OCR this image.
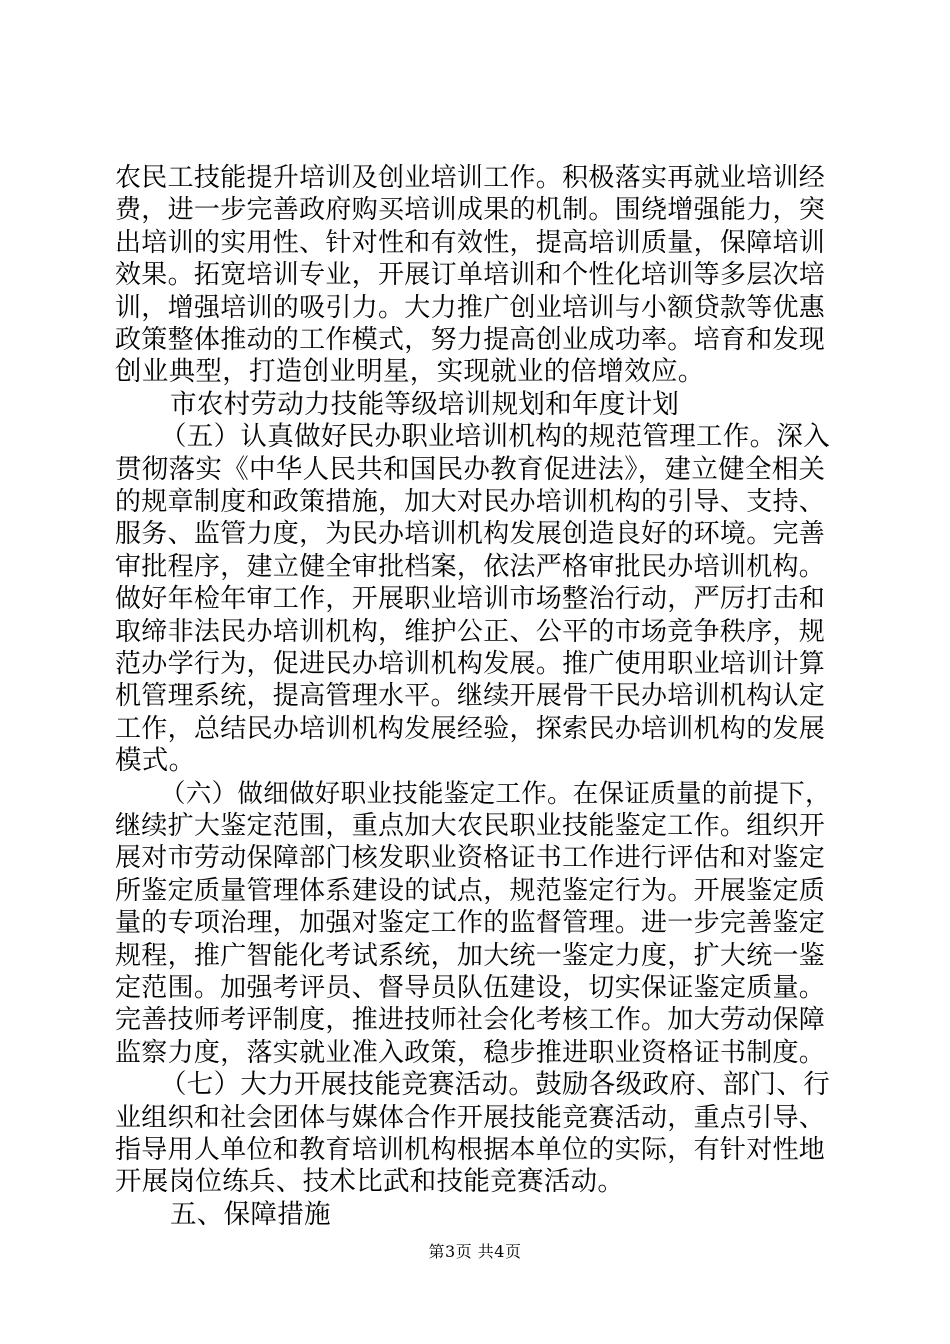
农民工技能提升培训及创业培训工作。积极落实再就业培训经
费，进一步完善政府购买培训成果的机制。围绕增强能力，突
出培训的实用性、针对性和有效性，提高培训质量，保障培训
效果。拓宽培训专业，开展订单培训和个性化培训等多层次培
训，增强培训的吸引力。大力推广创业培训与小额贷款等优惠
政策整体推动的工作模式，努力提高创业成功率。培育和发现
创业典型，打造创业明星，实现就业的倍增效应。
市农村劳动力技能等级培训规划和年度计划
（五）认真做好民办职业培训机构的规范管理工作。深入
贯彻落实《中华人民共和国民办教育促进法》，建立健全相关
的规章制度和政策措施，加大对民办培训机构的引导、支持、
服务、监管力度，为民办培训机构发展创造良好的环境。完善
审批程序，建立健全审批档案，依法严格审批民办培训机构。
做好年检年审工作，开展职业培训市场整治行动，严厉打击和
取缔非法民办培训机构，维护公正、公平的市场竞争秩序，规
范办学行为，促进民办培训机构发展。推广使用职业培训计算
机管理系统，提高管理水平。继续开展骨干民办培训机构认定
工作，总结民办培训机构发展经验，探索民办培训机构的发展
模式。
（六）做细做好职业技能鉴定工作。在保证质量的前提下，
继续扩大鉴定范围，重点加大农民职业技能鉴定工作。组织开
展对市劳动保障部门核发职业资格证书工作进行评估和对鉴定
所鉴定质量管理体系建设的试点，规范鉴定行为。开展鉴定质
量的专项治理，加强对鉴定工作的监督管理。进一步完善鉴定
规程，推广智能化考试系统，加大统一鉴定力度，扩大统一鉴
定范围。加强考评员、督导员队伍建设，切实保证鉴定质量。
完善技师考评制度，推进技师社会化考核工作。加大劳动保障
监察力度，落实就业准入政策，稳步推进职业资格证书制度。
（七）大力开展技能竞赛活动。鼓励各级政府、部门、行
业组织和社会团体与媒体合作开展技能竞赛活动，重点引导、
指导用人单位和教育培训机构根据本单位的实际，有针对性地
开展岗位练兵、技术比武和技能竞赛活动。
五、保障措施
第3页 共4页
